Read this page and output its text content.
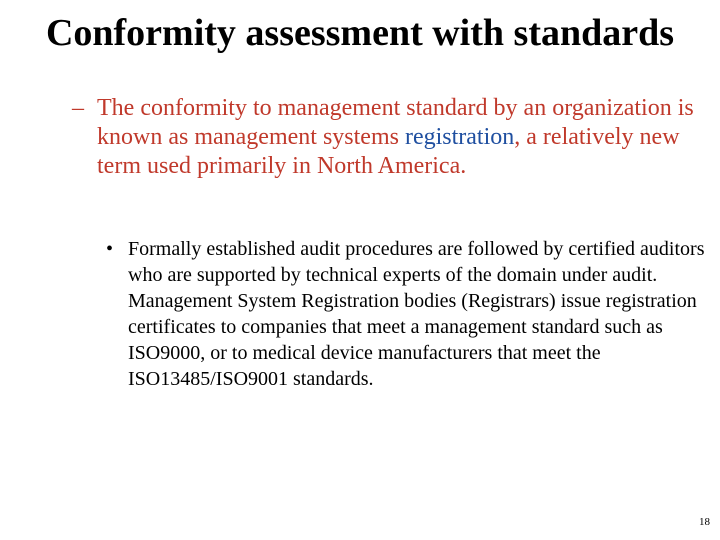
Conformity assessment with standards
– The conformity to management standard by an organization is known as management systems registration, a relatively new term used primarily in North America.
• Formally established audit procedures are followed by certified auditors who are supported by technical experts of the domain under audit. Management System Registration bodies (Registrars) issue registration certificates to companies that meet a management standard such as ISO9000, or to medical device manufacturers that meet the ISO13485/ISO9001 standards.
18
